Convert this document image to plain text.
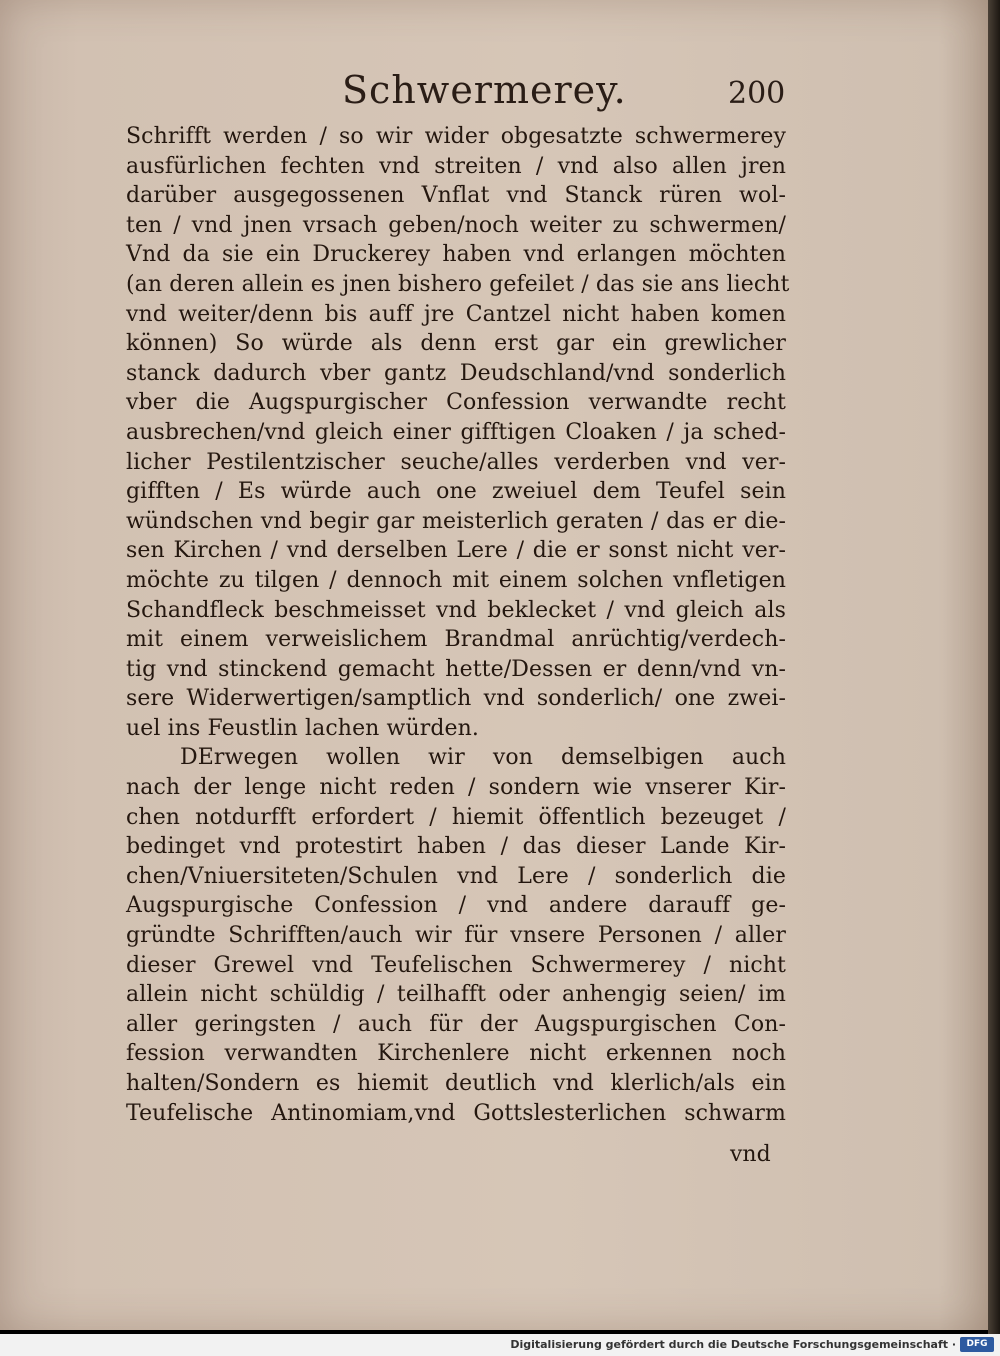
Schwermerey.	200
Schrifft werden / so wir wider obgesatzte schwermerey
ausfürlichen fechten vnd streiten / vnd also allen jren
darüber ausgegossenen Vnflat vnd Stanck rüren wol-
ten / vnd jnen vrsach geben/noch weiter zu schwermen/
Vnd da sie ein Druckerey haben vnd erlangen möchten
(an deren allein es jnen bishero gefeilet / das sie ans liecht
vnd weiter/denn bis auff jre Cantzel nicht haben komen
können) So würde als denn erst gar ein grewlicher
stanck dadurch vber gantz Deudschland/vnd sonderlich
vber die Augspurgischer Confession verwandte recht
ausbrechen/vnd gleich einer gifftigen Cloaken / ja sched-
licher Pestilentzischer seuche/alles verderben vnd ver-
gifften / Es würde auch one zweiuel dem Teufel sein
wündschen vnd begir gar meisterlich geraten / das er die-
sen Kirchen / vnd derselben Lere / die er sonst nicht ver-
möchte zu tilgen / dennoch mit einem solchen vnfletigen
Schandfleck beschmeisset vnd beklecket / vnd gleich als
mit einem verweislichem Brandmal anrüchtig/verdech-
tig vnd stinckend gemacht hette/Dessen er denn/vnd vn-
sere Widerwertigen/samptlich vnd sonderlich/ one zwei-
uel ins Feustlin lachen würden.
DErwegen wollen wir von demselbigen auch
nach der lenge nicht reden / sondern wie vnserer Kir-
chen notdurfft erfordert / hiemit öffentlich bezeuget /
bedinget vnd protestirt haben / das dieser Lande Kir-
chen/Vniuersiteten/Schulen vnd Lere / sonderlich die
Augspurgische Confession / vnd andere darauff ge-
gründte Schrifften/auch wir für vnsere Personen / aller
dieser Grewel vnd Teufelischen Schwermerey / nicht
allein nicht schüldig / teilhafft oder anhengig seien/ im
aller geringsten / auch für der Augspurgischen Con-
fession verwandten Kirchenlere nicht erkennen noch
halten/Sondern es hiemit deutlich vnd klerlich/als ein
Teufelische Antinomiam,vnd Gottslesterlichen schwarm
vnd
Digitalisierung gefördert durch die Deutsche Forschungsgemeinschaft ·	DFG
